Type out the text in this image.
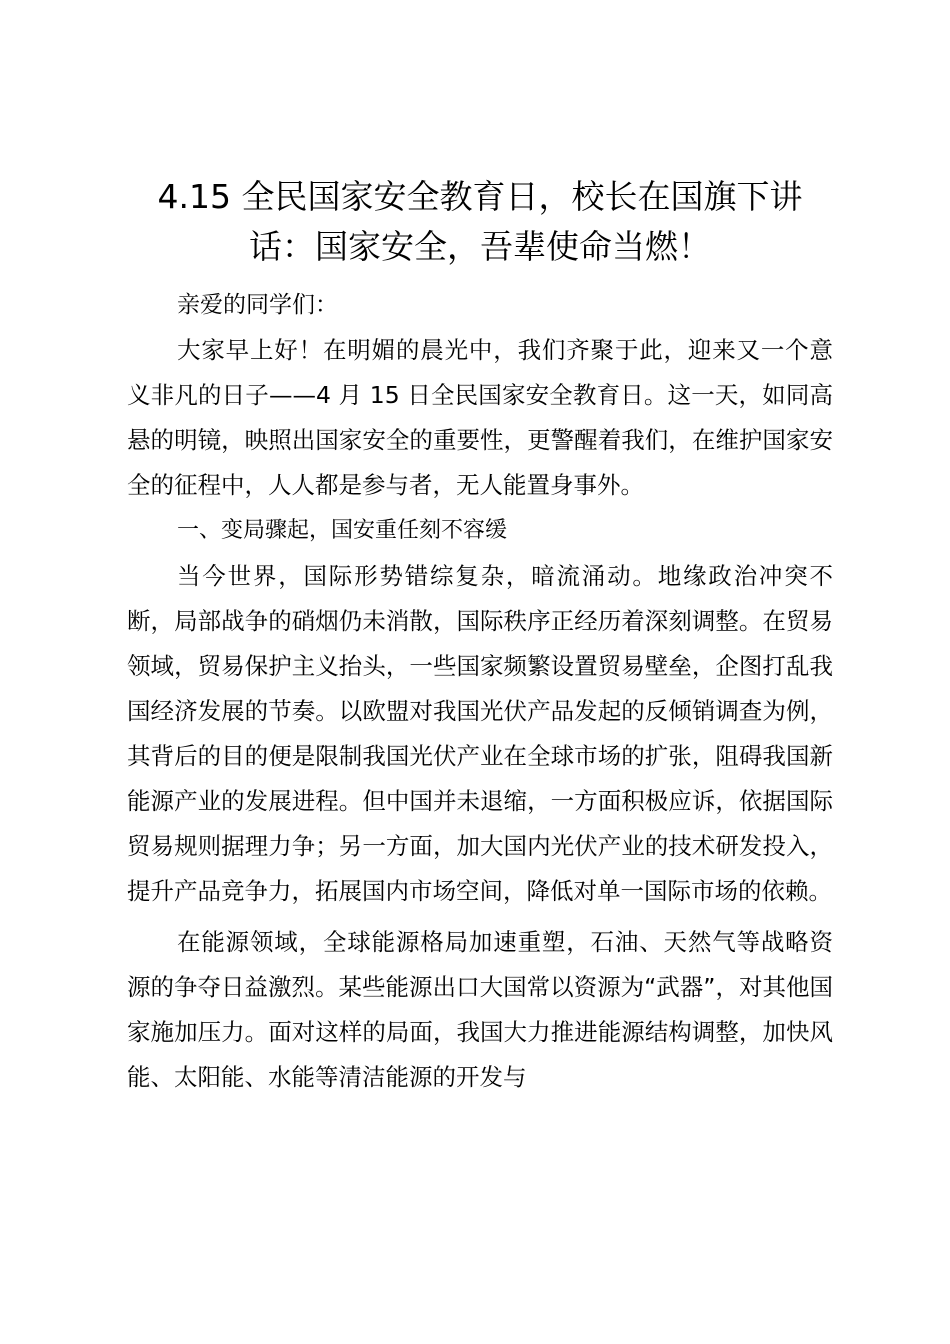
4.15 全民国家安全教育日，校长在国旗下讲话：国家安全，吾辈使命当燃！

亲爱的同学们：

大家早上好！在明媚的晨光中，我们齐聚于此，迎来又一个意义非凡的日子——4 月 15 日全民国家安全教育日。这一天，如同高悬的明镜，映照出国家安全的重要性，更警醒着我们，在维护国家安全的征程中，人人都是参与者，无人能置身事外。

一、变局骤起，国安重任刻不容缓

当今世界，国际形势错综复杂，暗流涌动。地缘政治冲突不断，局部战争的硝烟仍未消散，国际秩序正经历着深刻调整。在贸易领域，贸易保护主义抬头，一些国家频繁设置贸易壁垒，企图打乱我国经济发展的节奏。以欧盟对我国光伏产品发起的反倾销调查为例，其背后的目的便是限制我国光伏产业在全球市场的扩张，阻碍我国新能源产业的发展进程。但中国并未退缩，一方面积极应诉，依据国际贸易规则据理力争；另一方面，加大国内光伏产业的技术研发投入，提升产品竞争力，拓展国内市场空间，降低对单一国际市场的依赖。

在能源领域，全球能源格局加速重塑，石油、天然气等战略资源的争夺日益激烈。某些能源出口大国常以资源为“武器”，对其他国家施加压力。面对这样的局面，我国大力推进能源结构调整，加快风能、太阳能、水能等清洁能源的开发与
